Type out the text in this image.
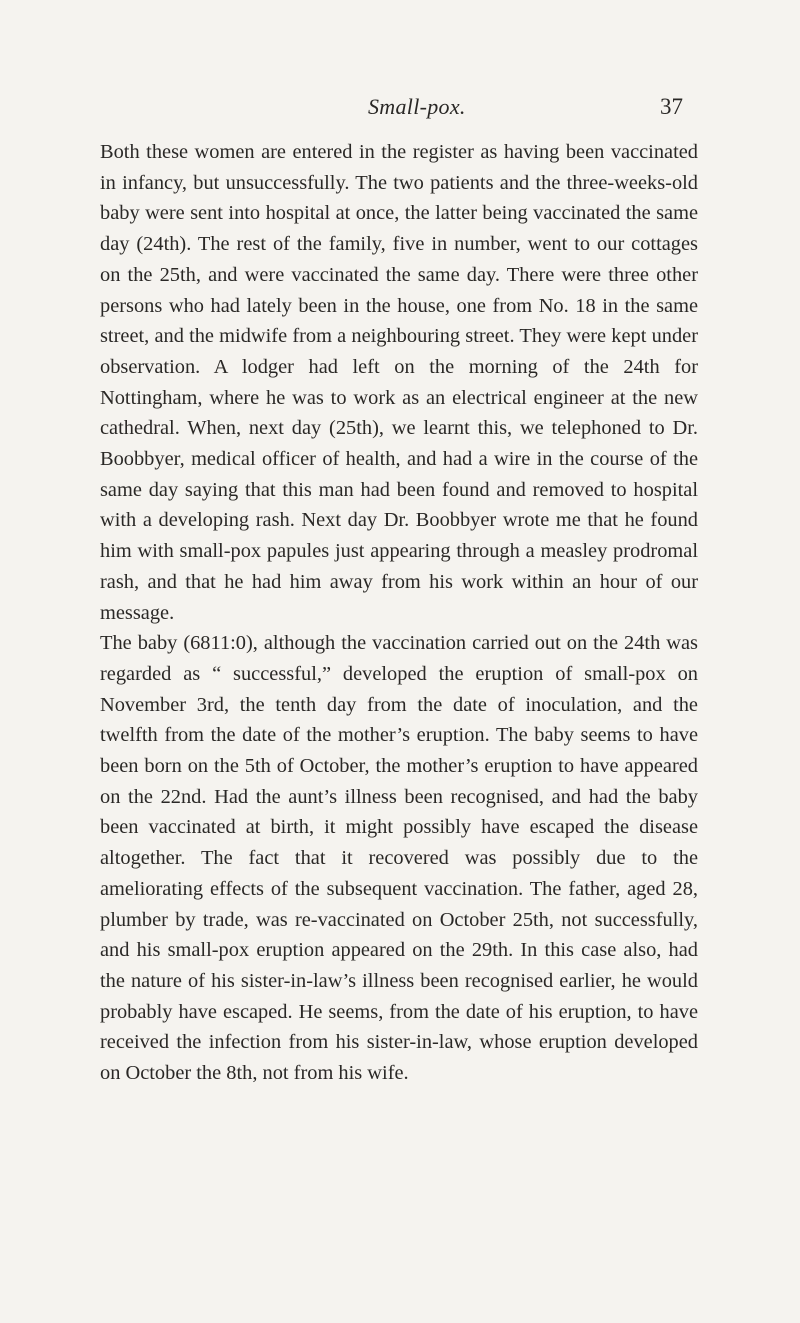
Small-pox.	37

Both these women are entered in the register as having been vaccinated in infancy, but unsuccessfully. The two patients and the three-weeks-old baby were sent into hospital at once, the latter being vaccinated the same day (24th). The rest of the family, five in number, went to our cottages on the 25th, and were vaccinated the same day. There were three other persons who had lately been in the house, one from No. 18 in the same street, and the midwife from a neighbouring street. They were kept under observation. A lodger had left on the morning of the 24th for Nottingham, where he was to work as an electrical engineer at the new cathedral. When, next day (25th), we learnt this, we telephoned to Dr. Boobbyer, medical officer of health, and had a wire in the course of the same day saying that this man had been found and removed to hospital with a developing rash. Next day Dr. Boobbyer wrote me that he found him with small-pox papules just appearing through a measley prodromal rash, and that he had him away from his work within an hour of our message.

The baby (6811:0), although the vaccination carried out on the 24th was regarded as “ successful,” developed the eruption of small-pox on November 3rd, the tenth day from the date of inoculation, and the twelfth from the date of the mother’s eruption. The baby seems to have been born on the 5th of October, the mother’s eruption to have appeared on the 22nd. Had the aunt’s illness been recognised, and had the baby been vaccinated at birth, it might possibly have escaped the disease altogether. The fact that it recovered was possibly due to the ameliorating effects of the subsequent vaccination. The father, aged 28, plumber by trade, was re-vaccinated on October 25th, not successfully, and his small-pox eruption appeared on the 29th. In this case also, had the nature of his sister-in-law’s illness been recognised earlier, he would probably have escaped. He seems, from the date of his eruption, to have received the infection from his sister-in-law, whose eruption developed on October the 8th, not from his wife.
